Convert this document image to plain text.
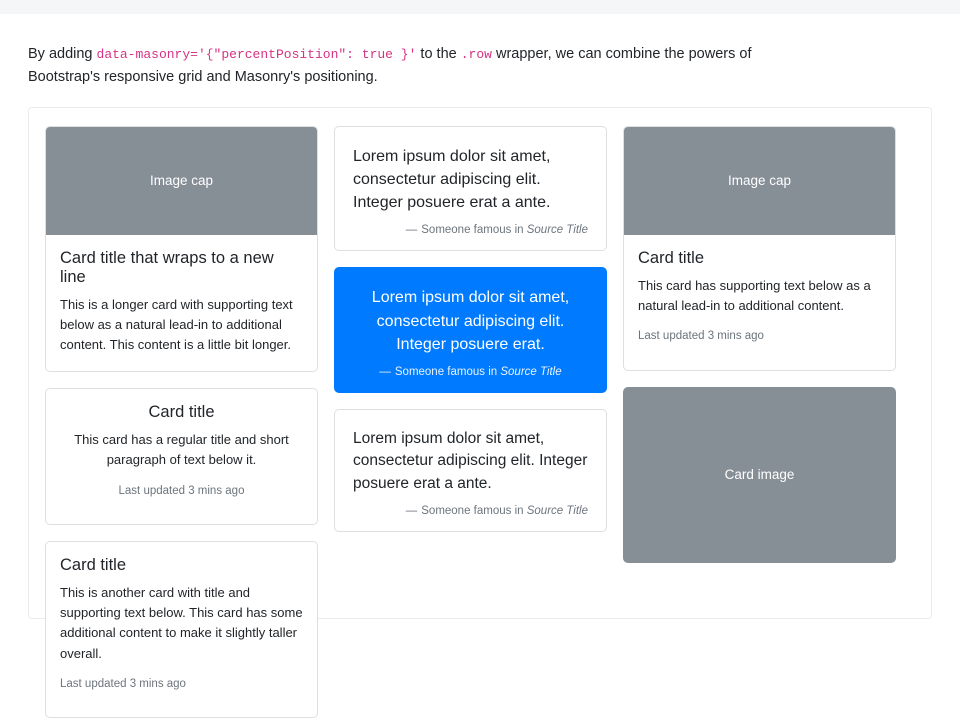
By adding data-masonry='{"percentPosition": true }' to the .row wrapper, we can combine the powers of Bootstrap's responsive grid and Masonry's positioning.

Image cap
Card title that wraps to a new line

This is a longer card with supporting text below as a natural lead-in to additional content. This content is a little bit longer.

Card title

This card has a regular title and short paragraph of text below it.

Last updated 3 mins ago

Card title

This is another card with title and supporting text below. This card has some additional content to make it slightly taller overall.

Last updated 3 mins ago

Lorem ipsum dolor sit amet, consectetur adipiscing elit. Integer posuere erat a ante.

— Someone famous in Source Title

Lorem ipsum dolor sit amet, consectetur adipiscing elit. Integer posuere erat.

— Someone famous in Source Title

Lorem ipsum dolor sit amet, consectetur adipiscing elit. Integer posuere erat a ante.

— Someone famous in Source Title
Image cap
Card title

This card has supporting text below as a natural lead-in to additional content.

Last updated 3 mins ago

Card image
